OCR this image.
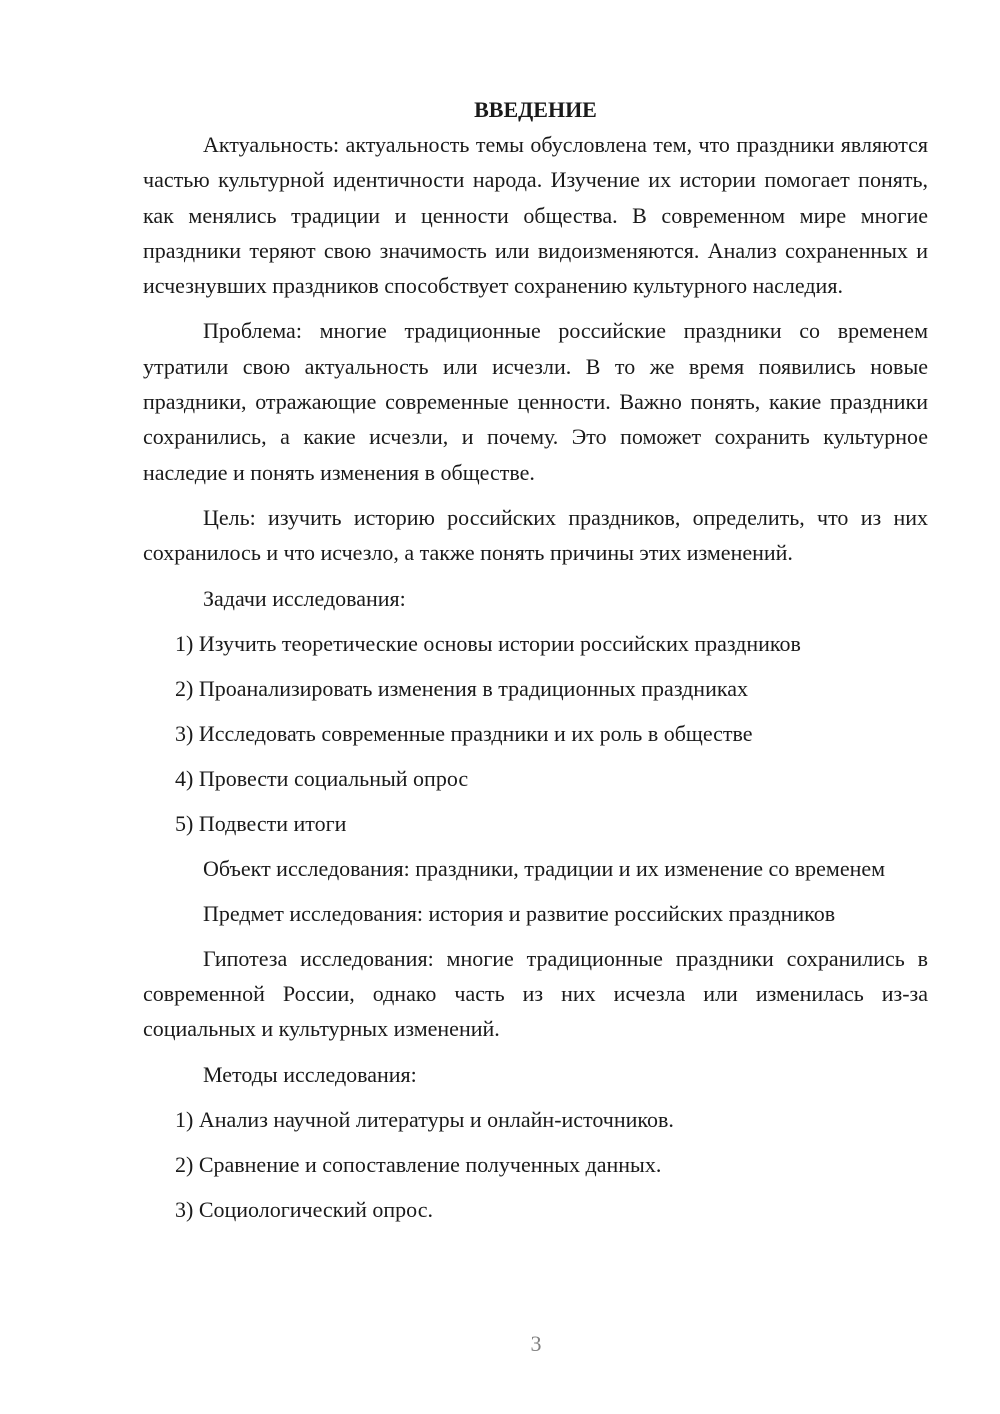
ВВЕДЕНИЕ

Актуальность: актуальность темы обусловлена тем, что праздники являются частью культурной идентичности народа. Изучение их истории помогает понять, как менялись традиции и ценности общества. В современном мире многие праздники теряют свою значимость или видоизменяются. Анализ сохраненных и исчезнувших праздников способствует сохранению культурного наследия.

Проблема: многие традиционные российские праздники со временем утратили свою актуальность или исчезли. В то же время появились новые праздники, отражающие современные ценности. Важно понять, какие праздники сохранились, а какие исчезли, и почему. Это поможет сохранить культурное наследие и понять изменения в обществе.

Цель: изучить историю российских праздников, определить, что из них сохранилось и что исчезло, а также понять причины этих изменений.

Задачи исследования:

1) Изучить теоретические основы истории российских праздников
2) Проанализировать изменения в традиционных праздниках
3) Исследовать современные праздники и их роль в обществе
4) Провести социальный опрос
5) Подвести итоги

Объект исследования: праздники, традиции и их изменение со временем

Предмет исследования: история и развитие российских праздников

Гипотеза исследования: многие традиционные праздники сохранились в современной России, однако часть из них исчезла или изменилась из-за социальных и культурных изменений.

Методы исследования:

1) Анализ научной литературы и онлайн-источников.
2) Сравнение и сопоставление полученных данных.
3) Социологический опрос.
3
